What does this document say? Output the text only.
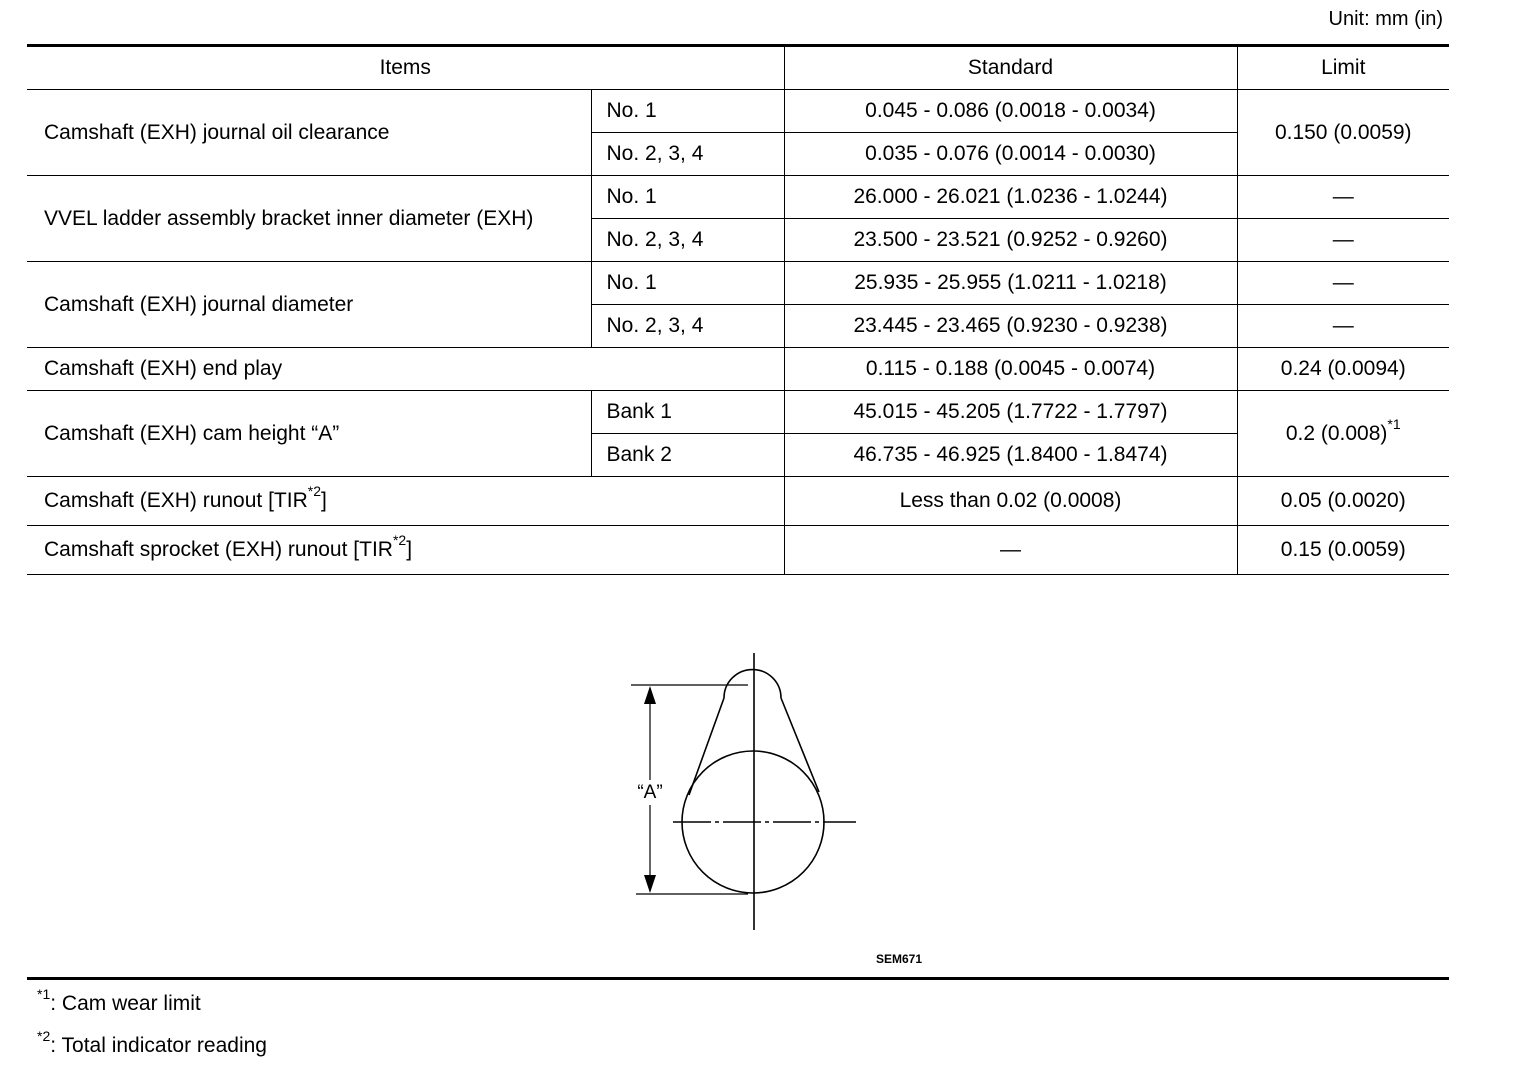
Unit: mm (in)
Items		Standard	Limit
Camshaft (EXH) journal oil clearance	No. 1	0.045 - 0.086 (0.0018 - 0.0034)	0.150 (0.0059)
	No. 2, 3, 4	0.035 - 0.076 (0.0014 - 0.0030)	
VVEL ladder assembly bracket inner diameter (EXH)	No. 1	26.000 - 26.021 (1.0236 - 1.0244)	—
	No. 2, 3, 4	23.500 - 23.521 (0.9252 - 0.9260)	—
Camshaft (EXH) journal diameter	No. 1	25.935 - 25.955 (1.0211 - 1.0218)	—
	No. 2, 3, 4	23.445 - 23.465 (0.9230 - 0.9238)	—
Camshaft (EXH) end play		0.115 - 0.188 (0.0045 - 0.0074)	0.24 (0.0094)
Camshaft (EXH) cam height “A”	Bank 1	45.015 - 45.205 (1.7722 - 1.7797)	0.2 $(0.008)^{*1}$
	Bank 2	46.735 - 46.925 (1.8400 - 1.8474)	
Camshaft (EXH) runout [TIR$^{*2}$]		Less than 0.02 (0.0008)	0.05 (0.0020)
Camshaft sprocket (EXH) runout [TIR$^{*2}$]		—	0.15 (0.0059)
“A”
SEM671
$^{*1}$: Cam wear limit
$^{*2}$: Total indicator reading
